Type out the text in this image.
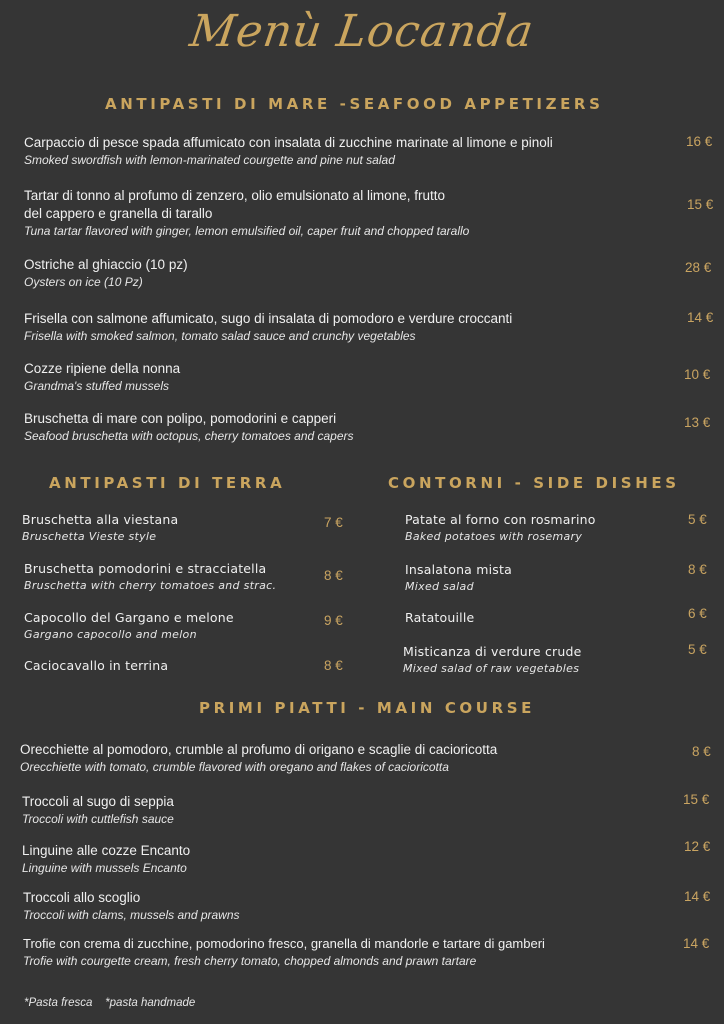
Menù Locanda
ANTIPASTI DI MARE -SEAFOOD APPETIZERS
Carpaccio di pesce spada affumicato con insalata di zucchine marinate al limone e pinoli
Smoked swordfish with lemon-marinated courgette and pine nut salad
16 €
Tartar di tonno al profumo di zenzero, olio emulsionato al limone, frutto
del cappero e granella di tarallo
Tuna tartar flavored with ginger, lemon emulsified oil, caper fruit and chopped tarallo
15 €
Ostriche al ghiaccio (10 pz)
Oysters on ice (10 Pz)
28 €
Frisella con salmone affumicato, sugo di insalata di pomodoro e verdure croccanti
Frisella with smoked salmon, tomato salad sauce and crunchy vegetables
14 €
Cozze ripiene della nonna
Grandma's stuffed mussels
10 €
Bruschetta di mare con polipo, pomodorini e capperi
Seafood bruschetta with octopus, cherry tomatoes and capers
13 €
ANTIPASTI DI TERRA
Bruschetta alla viestana
Bruschetta Vieste style
7 €
Bruschetta pomodorini e stracciatella
Bruschetta with cherry tomatoes and strac.
8 €
Capocollo del Gargano e melone
Gargano capocollo and melon
9 €
Caciocavallo in terrina	8 €
CONTORNI - SIDE DISHES
Patate al forno con rosmarino
Baked potatoes with rosemary
5 €
Insalatona mista
Mixed salad
8 €
Ratatouille	6 €
Misticanza di verdure crude
Mixed salad of raw vegetables
5 €
PRIMI PIATTI - MAIN COURSE
Orecchiette al pomodoro, crumble al profumo di origano e scaglie di cacioricotta
Orecchiette with tomato, crumble flavored with oregano and flakes of cacioricotta
8 €
Troccoli al sugo di seppia
Troccoli with cuttlefish sauce
15 €
Linguine alle cozze Encanto
Linguine with mussels Encanto
12 €
Troccoli allo scoglio
Troccoli with clams, mussels and prawns
14 €
Trofie con crema di zucchine, pomodorino fresco, granella di mandorle e tartare di gamberi
Trofie with courgette cream, fresh cherry tomato, chopped almonds and prawn tartare
14 €
*Pasta fresca    *pasta handmade
